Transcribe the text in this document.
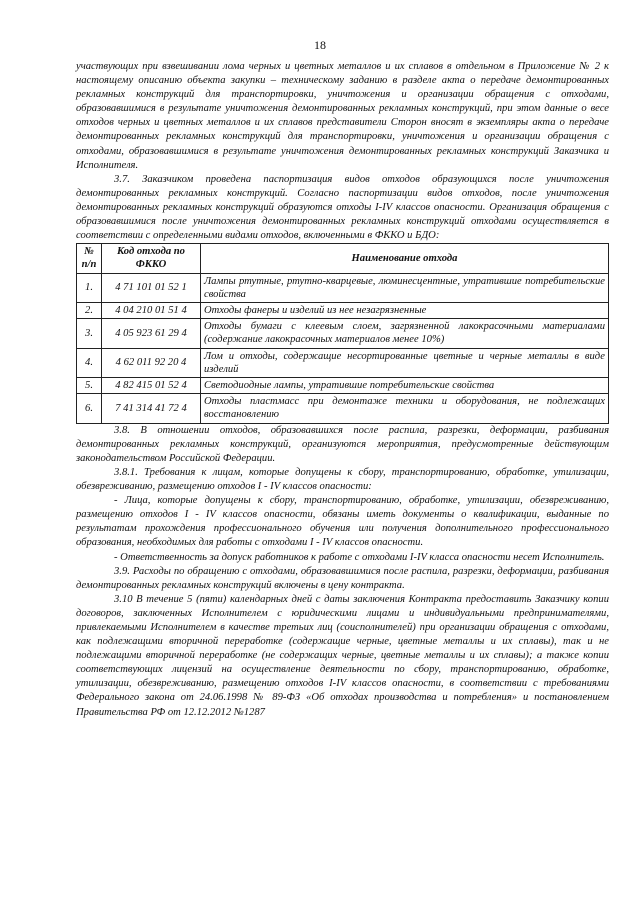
18

участвующих при взвешивании лома черных и цветных металлов и их сплавов в отдельном в Приложение № 2 к настоящему описанию объекта закупки – техническому заданию в разделе акта о передаче демонтированных рекламных конструкций для транспортировки, уничтожения и организации обращения с отходами, образовавшимися в результате уничтожения демонтированных рекламных конструкций, при этом данные о весе отходов черных и цветных металлов и их сплавов представители Сторон вносят в экземпляры акта о передаче демонтированных рекламных конструкций для транспортировки, уничтожения и организации обращения с отходами, образовавшимися в результате уничтожения демонтированных рекламных конструкций Заказчика и Исполнителя.

3.7. Заказчиком проведена паспортизация видов отходов образующихся после уничтожения демонтированных рекламных конструкций. Согласно паспортизации видов отходов, после уничтожения демонтированных рекламных конструкций образуются отходы I-IV классов опасности. Организация обращения с образовавшимися после уничтожения демонтированных рекламных конструкций отходами осуществляется в соответствии с определенными видами отходов, включенными в ФККО и БДО:

№ п/п	Код отхода по ФККО	Наименование отхода
1.	4 71 101 01 52 1	Лампы ртутные, ртутно-кварцевые, люминесцентные, утратившие потребительские свойства
2.	4 04 210 01 51 4	Отходы фанеры и изделий из нее незагрязненные
3.	4 05 923 61 29 4	Отходы бумаги с клеевым слоем, загрязненной лакокрасочными материалами (содержание лакокрасочных материалов менее 10%)
4.	4 62 011 92 20 4	Лом и отходы, содержащие несортированные цветные и черные металлы в виде изделий
5.	4 82 415 01 52 4	Светодиодные лампы, утратившие потребительские свойства
6.	7 41 314 41 72 4	Отходы пластмасс при демонтаже техники и оборудования, не подлежащих восстановлению

3.8. В отношении отходов, образовавшихся после распила, разрезки, деформации, разбивания демонтированных рекламных конструкций, организуются мероприятия, предусмотренные действующим законодательством Российской Федерации.

3.8.1. Требования к лицам, которые допущены к сбору, транспортированию, обработке, утилизации, обезвреживанию, размещению отходов I - IV классов опасности:

- Лица, которые допущены к сбору, транспортированию, обработке, утилизации, обезвреживанию, размещению отходов I - IV классов опасности, обязаны иметь документы о квалификации, выданные по результатам прохождения профессионального обучения или получения дополнительного профессионального образования, необходимых для работы с отходами I - IV классов опасности.

- Ответственность за допуск работников к работе с отходами I-IV класса опасности несет Исполнитель.

3.9. Расходы по обращению с отходами, образовавшимися после распила, разрезки, деформации, разбивания демонтированных рекламных конструкций включены в цену контракта.

3.10 В течение 5 (пяти) календарных дней с даты заключения Контракта предоставить Заказчику копии договоров, заключенных Исполнителем с юридическими лицами и индивидуальными предпринимателями, привлекаемыми Исполнителем в качестве третьих лиц (соисполнителей) при организации обращения с отходами, как подлежащими вторичной переработке (содержащие черные, цветные металлы и их сплавы), так и не подлежащими вторичной переработке (не содержащих черные, цветные металлы и их сплавы); а также копии соответствующих лицензий на осуществление деятельности по сбору, транспортированию, обработке, утилизации, обезвреживанию, размещению отходов I-IV классов опасности, в соответствии с требованиями Федерального закона от 24.06.1998 № 89-ФЗ «Об отходах производства и потребления» и постановлением Правительства РФ от 12.12.2012 №1287
